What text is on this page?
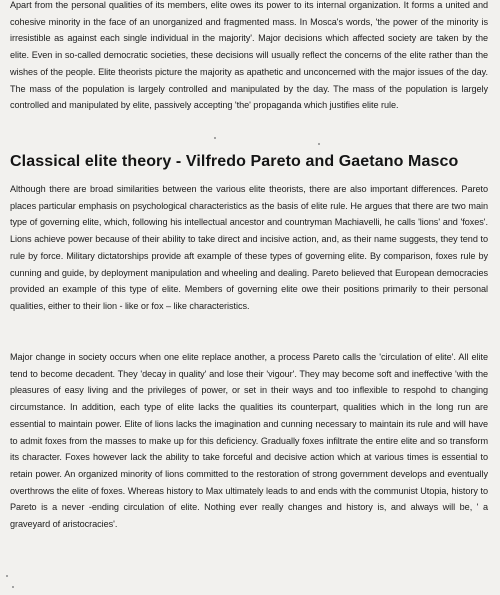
Apart from the personal qualities of its members, elite owes its power to its internal organization. It forms a united and cohesive minority in the face of an unorganized and fragmented mass. In Mosca's words, 'the power of the minority is irresistible as against each single individual in the majority'. Major decisions which affected society are taken by the elite. Even in so-called democratic societies, these decisions will usually reflect the concerns of the elite rather than the wishes of the people. Elite theorists picture the majority as apathetic and unconcerned with the major issues of the day. The mass of the population is largely controlled and manipulated by the day. The mass of the population is largely controlled and manipulated by elite, passively accepting 'the' propaganda which justifies elite rule.

Classical elite theory - Vilfredo Pareto and Gaetano Masco

Although there are broad similarities between the various elite theorists, there are also important differences. Pareto places particular emphasis on psychological characteristics as the basis of elite rule. He argues that there are two main type of governing elite, which, following his intellectual ancestor and countryman Machiavelli, he calls 'lions' and 'foxes'. Lions achieve power because of their ability to take direct and incisive action, and, as their name suggests, they tend to rule by force. Military dictatorships provide aft example of these types of governing elite. By comparison, foxes rule by cunning and guide, by deployment manipulation and wheeling and dealing. Pareto believed that European democracies provided an example of this type of elite. Members of governing elite owe their positions primarily to their personal qualities, either to their lion - like or fox – like characteristics.

Major change in society occurs when one elite replace another, a process Pareto calls the 'circulation of elite'. All elite tend to become decadent. They 'decay in quality' and lose their 'vigour'. They may become soft and ineffective 'with the pleasures of easy living and the privileges of power, or set in their ways and too inflexible to respohd to changing circumstance. In addition, each type of elite lacks the qualities its counterpart, qualities which in the long run are essential to maintain power. Elite of lions lacks the imagination and cunning necessary to maintain its rule and will have to admit foxes from the masses to make up for this deficiency. Gradually foxes infiltrate the entire elite and so transform its character. Foxes however lack the ability to take forceful and decisive action which at various times is essential to retain power. An organized minority of lions committed to the restoration of strong government develops and eventually overthrows the elite of foxes. Whereas history to Max ultimately leads to and ends with the communist Utopia, history to Pareto is a never -ending circulation of elite. Nothing ever really changes and history is, and always will be, ' a graveyard of aristocracies'.
